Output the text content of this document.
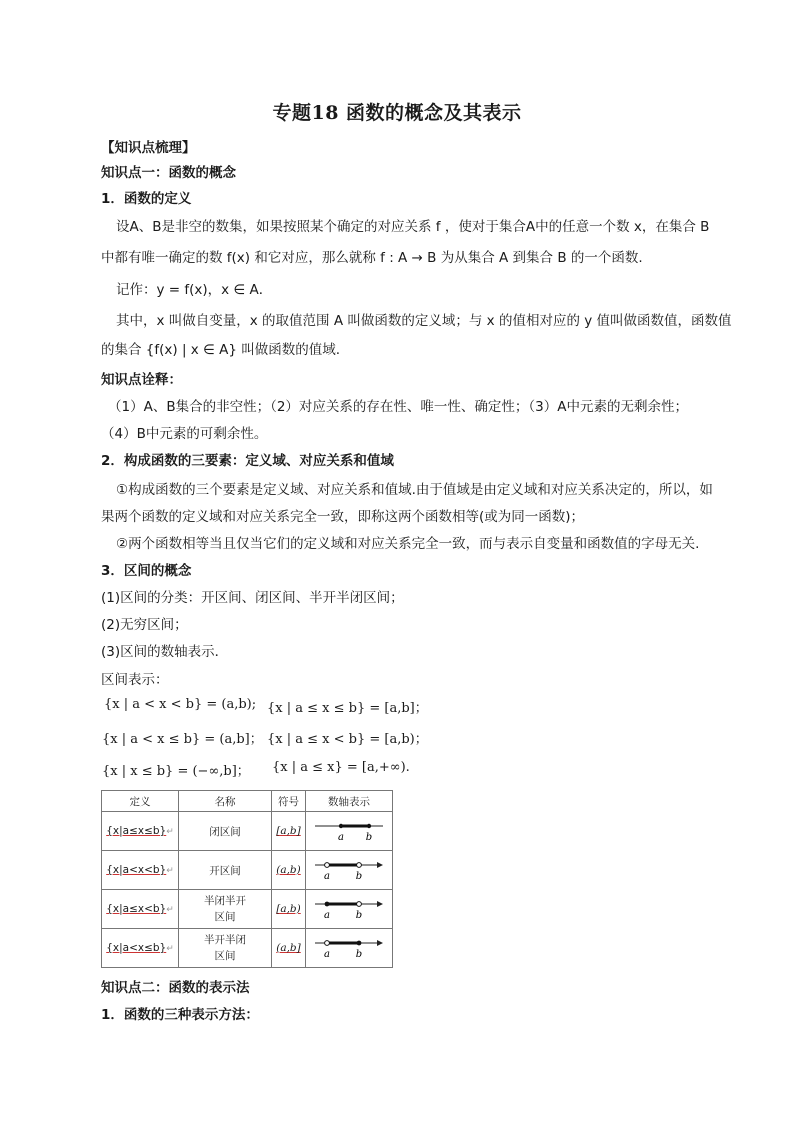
专题18 函数的概念及其表示
【知识点梳理】
知识点一：函数的概念
1．函数的定义
设A、B是非空的数集，如果按照某个确定的对应关系 f ，使对于集合A中的任意一个数 x，在集合 B
中都有唯一确定的数 f(x) 和它对应，那么就称 f : A → B 为从集合 A 到集合 B 的一个函数.
记作：y = f(x)，x ∈ A．
其中，x 叫做自变量，x 的取值范围 A 叫做函数的定义域；与 x 的值相对应的 y 值叫做函数值，函数值
的集合 {f(x) | x ∈ A} 叫做函数的值域.
知识点诠释：
（1）A、B集合的非空性；（2）对应关系的存在性、唯一性、确定性；（3）A中元素的无剩余性；
（4）B中元素的可剩余性。
2．构成函数的三要素：定义域、对应关系和值域
①构成函数的三个要素是定义域、对应关系和值域.由于值域是由定义域和对应关系决定的，所以，如
果两个函数的定义域和对应关系完全一致，即称这两个函数相等(或为同一函数)；
②两个函数相等当且仅当它们的定义域和对应关系完全一致，而与表示自变量和函数值的字母无关.
3．区间的概念
(1)区间的分类：开区间、闭区间、半开半闭区间；
(2)无穷区间；
(3)区间的数轴表示．
区间表示：
{x | a < x < b} = (a,b); {x | a ≤ x ≤ b} = [a,b]；
{x | a < x ≤ b} = (a,b]； {x | a ≤ x < b} = [a,b)；
{x | x ≤ b} = (−∞,b]； {x | a ≤ x} = [a,+∞).
定义	名称	符号	数轴表示
{x|a≤x≤b}↵	闭区间	[a,b]	a b

{x|a<x<b}↵	开区间	(a,b)	a b

{x|a≤x<b}↵	半闭半开区间	[a,b)	a b

{x|a<x≤b}↵	半开半闭区间	(a,b]	a b
知识点二：函数的表示法
1．函数的三种表示方法：
